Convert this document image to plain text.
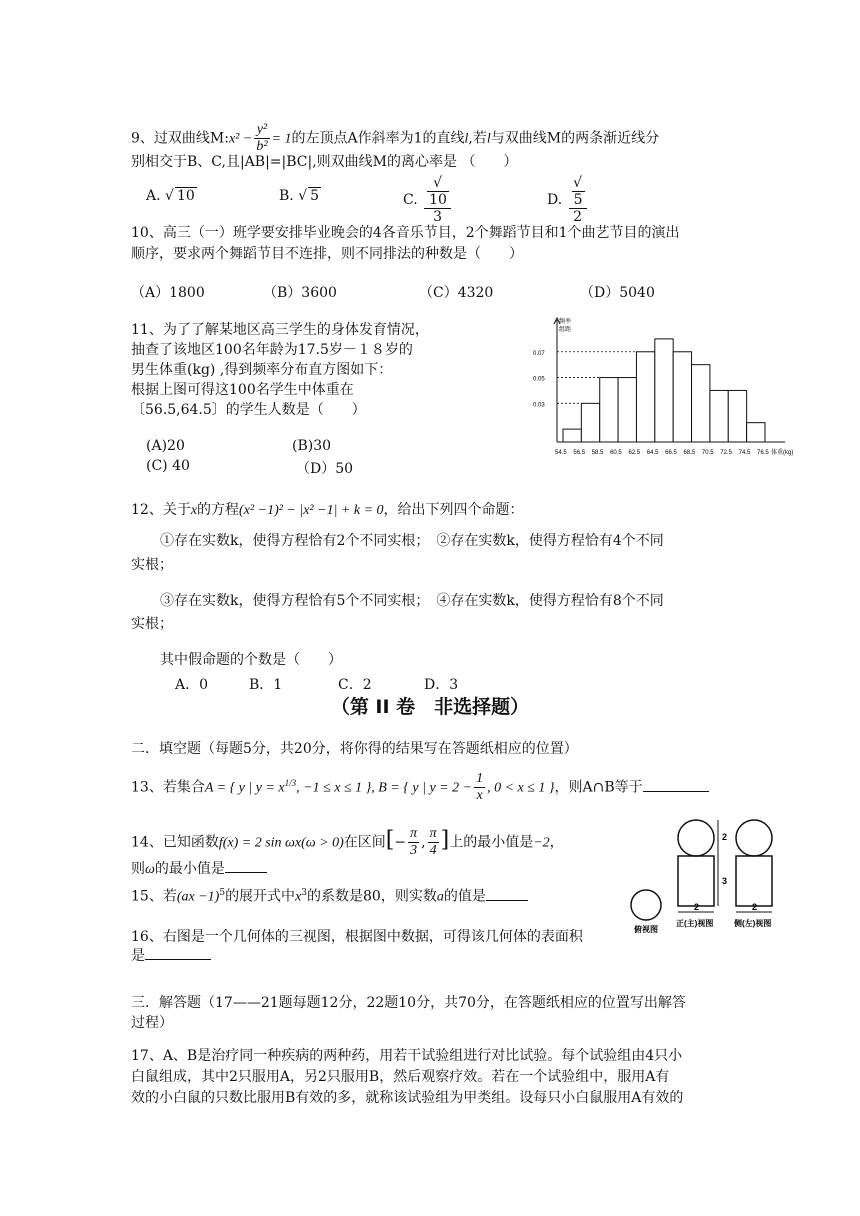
9、过双曲线M:x² − $\frac{\text{y²}}{\text{b²}} = 1$的左顶点A作斜率为1的直线l,若l与双曲线M的两条渐近线分
别相交于B、C,且|AB|=|BC|,则双曲线M的离心率是 （　　）
A. √ 10	B. √ 5	C. √
10
3	D. √
5
2
10、高三（一）班学要安排毕业晚会的4各音乐节目，2个舞蹈节目和1个曲艺节目的演出
顺序，要求两个舞蹈节目不连排，则不同排法的种数是（　　）
（A）1800	（B）3600	（C）4320	（D）5040
11、为了了解某地区高三学生的身体发育情况，
抽查了该地区100名年龄为17.5岁－１８岁的
男生体重(kg) ,得到频率分布直方图如下：
根据上图可得这100名学生中体重在
〔56.5,64.5〕的学生人数是（　　）
(A)20	(B)30
(C) 40	（D）50
0.03
0.05
0.07
54.5 56.5 58.5 60.5 62.5 64.5 66.5 68.5 70.5 72.5 74.5 76.5
频率
组距
体重(kg)
12、关于x的方程(x² −1)² − |x² −1| + k = 0，给出下列四个命题：
①存在实数k，使得方程恰有2个不同实根；　②存在实数k，使得方程恰有4个不同
实根；
③存在实数k，使得方程恰有5个不同实根；　④存在实数k，使得方程恰有8个不同
实根；
其中假命题的个数是（　　）
A．0	B．1	C．2	D．3
（第 II 卷　非选择题）
二．填空题（每题5分，共20分，将你得的结果写在答题纸相应的位置）
13、若集合A = { y | $y = x^{1/3}$, −1 ≤ x ≤ 1 }, B = { y | $y = 2 - \frac{1}{x}$ , 0 < x ≤ 1 }，则A∩B等于
14、已知函数f(x) = 2 sin ωx(ω > 0)在区间[− $\frac{\pi}{3}$ , $\frac{\pi}{4}$ ]上的最小值是−2，
则ω的最小值是
15、若(ax −1)$^5$的展开式中$x^3$的系数是80，则实数a的值是
16、右图是一个几何体的三视图，根据图中数据，可得该几何体的表面积
是
2
3
2	2
俯视图
正(主)视图	侧(左)视图
三．解答题（17——21题每题12分，22题10分，共70分，在答题纸相应的位置写出解答
过程）
17、A、B是治疗同一种疾病的两种药，用若干试验组进行对比试验。每个试验组由4只小
白鼠组成，其中2只服用A，另2只服用B，然后观察疗效。若在一个试验组中，服用A有
效的小白鼠的只数比服用B有效的多，就称该试验组为甲类组。设每只小白鼠服用A有效的
